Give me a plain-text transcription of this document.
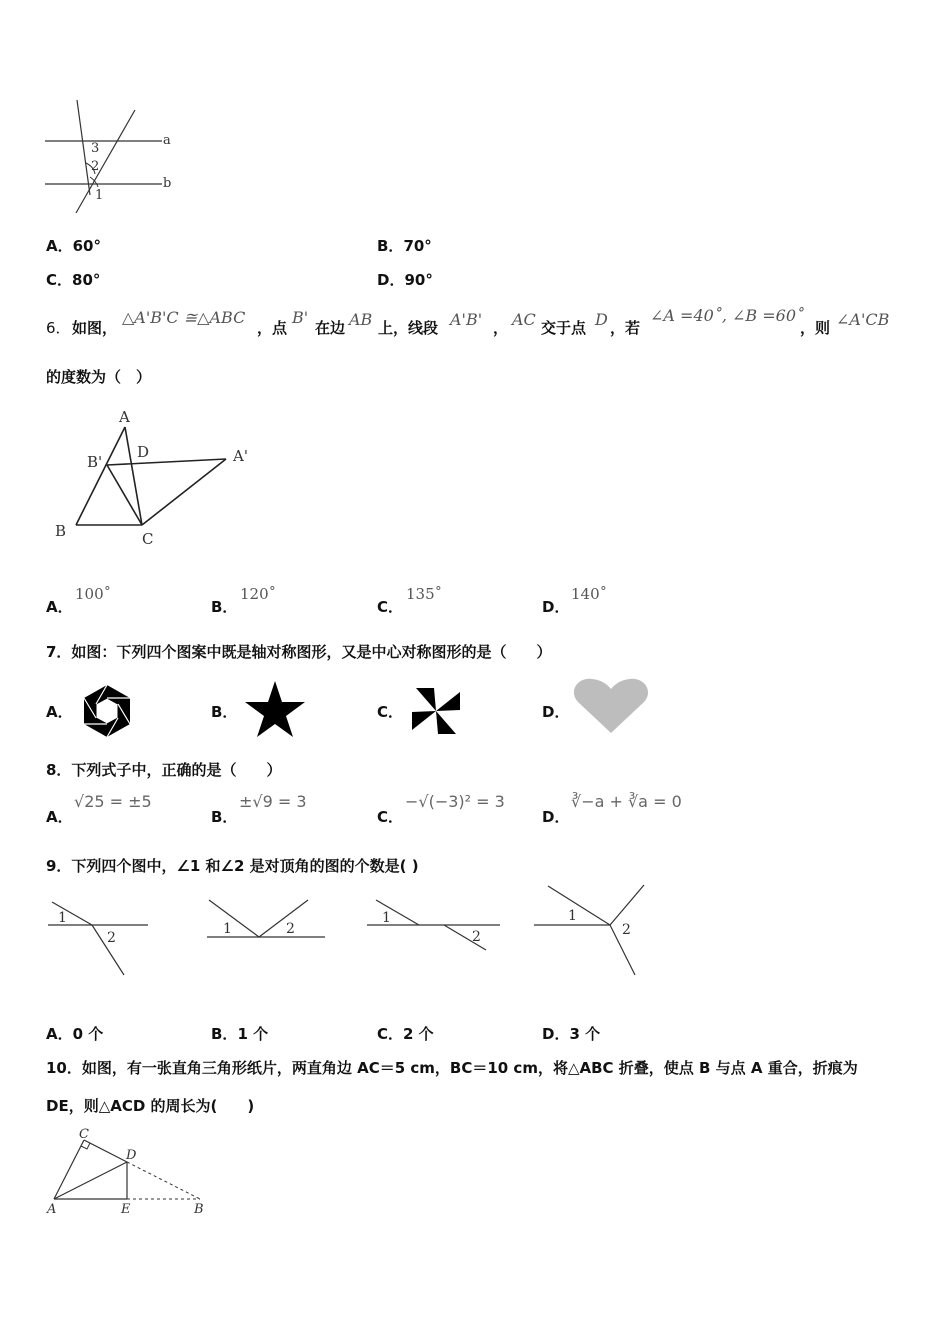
a
b
3
2
1
A．60°	B．70°
C．80°	D．90°
6． 如图，
△A'B'C ≅△ABC
，点
B'
在边 AB 上，线段 A'B' ， AC 交于点 D ，若
∠A =40˚, ∠B =60˚
，则 ∠A'CB
的度数为（　）
A
B'
D	A'
B	C
A．
100˚
B．
120˚
C．
135˚
D．
140˚
7．如图：下列四个图案中既是轴对称图形，又是中心对称图形的是（　　）
A．	B．	C．	D．
8．下列式子中，正确的是（　　）
A．
√25 = ±5
B．
±√9 = 3
C．
−√(−3)² = 3
D．
∛−a + ∛a = 0
9．下列四个图中，∠1 和∠2 是对顶角的图的个数是( )
1
2
1	2
1
2
1
2
A．0 个	B．1 个	C．2 个	D．3 个
10．如图，有一张直角三角形纸片，两直角边 AC＝5 cm，BC＝10 cm，将△ABC 折叠，使点 B 与点 A 重合，折痕为
DE，则△ACD 的周长为(　　)
C
D
A	E	B
